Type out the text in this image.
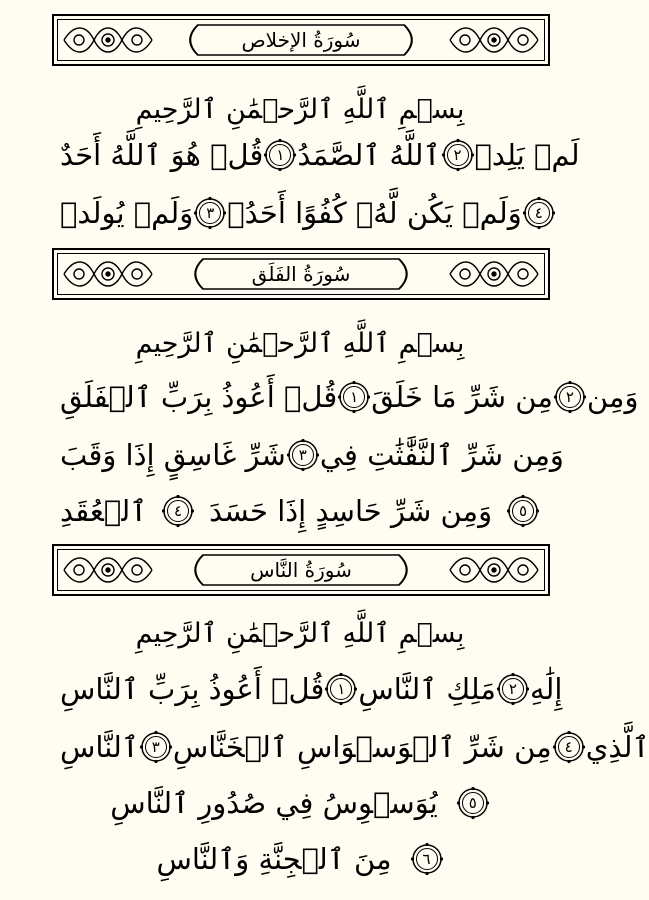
سُورَةُ الإخلاص
بِسۡمِ ٱللَّهِ ٱلرَّحۡمَٰنِ ٱلرَّحِيمِ
قُلۡ هُوَ ٱللَّهُ أَحَدٌ ١ ٱللَّهُ ٱلصَّمَدُ ٢ لَمۡ يَلِدۡ
وَلَمۡ يُولَدۡ ٣ وَلَمۡ يَكُن لَّهُۥ كُفُوًا أَحَدُۢ ٤
سُورَةُ الفَلَق
بِسۡمِ ٱللَّهِ ٱلرَّحۡمَٰنِ ٱلرَّحِيمِ
قُلۡ أَعُوذُ بِرَبِّ ٱلۡفَلَقِ ١ مِن شَرِّ مَا خَلَقَ ٢ وَمِن
شَرِّ غَاسِقٍ إِذَا وَقَبَ ٣ وَمِن شَرِّ ٱلنَّفَّٰثَٰتِ فِي
ٱلۡعُقَدِ ٤ وَمِن شَرِّ حَاسِدٍ إِذَا حَسَدَ ٥
سُورَةُ النَّاس
بِسۡمِ ٱللَّهِ ٱلرَّحۡمَٰنِ ٱلرَّحِيمِ
قُلۡ أَعُوذُ بِرَبِّ ٱلنَّاسِ ١ مَلِكِ ٱلنَّاسِ ٢ إِلَٰهِ
ٱلنَّاسِ ٣ مِن شَرِّ ٱلۡوَسۡوَاسِ ٱلۡخَنَّاسِ ٤ ٱلَّذِي
يُوَسۡوِسُ فِي صُدُورِ ٱلنَّاسِ ٥
مِنَ ٱلۡجِنَّةِ وَٱلنَّاسِ ٦
